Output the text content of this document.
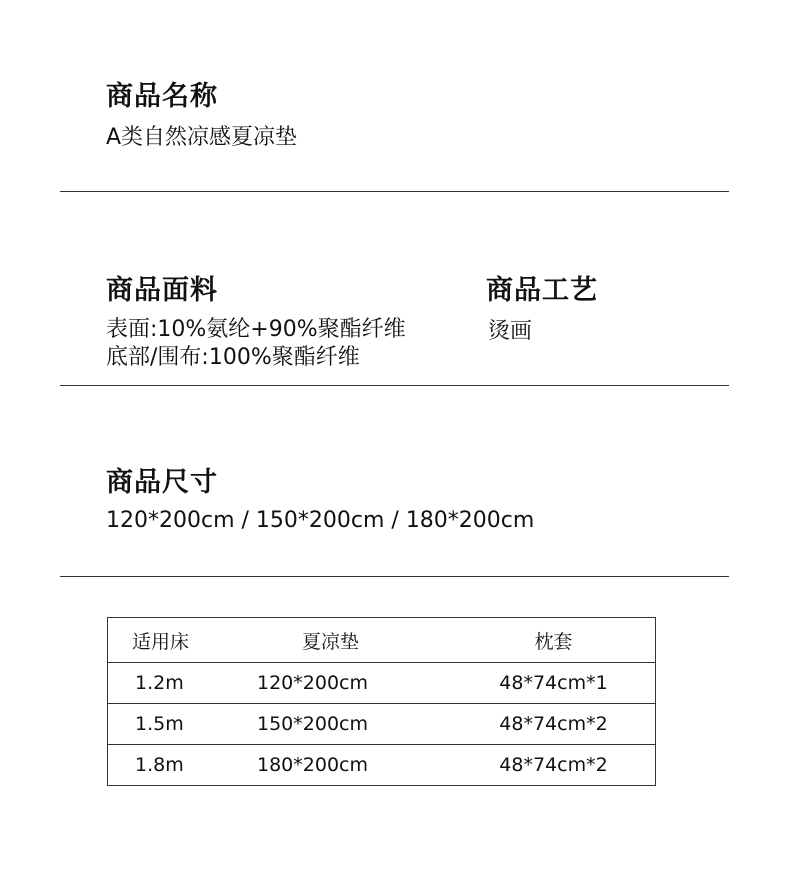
商品名称
A类自然凉感夏凉垫
商品面料
表面:10%氨纶+90%聚酯纤维
底部/围布:100%聚酯纤维
商品工艺
烫画
商品尺寸
120*200cm / 150*200cm / 180*200cm
适用床	夏凉垫	枕套
1.2m	120*200cm	48*74cm*1
1.5m	150*200cm	48*74cm*2
1.8m	180*200cm	48*74cm*2
